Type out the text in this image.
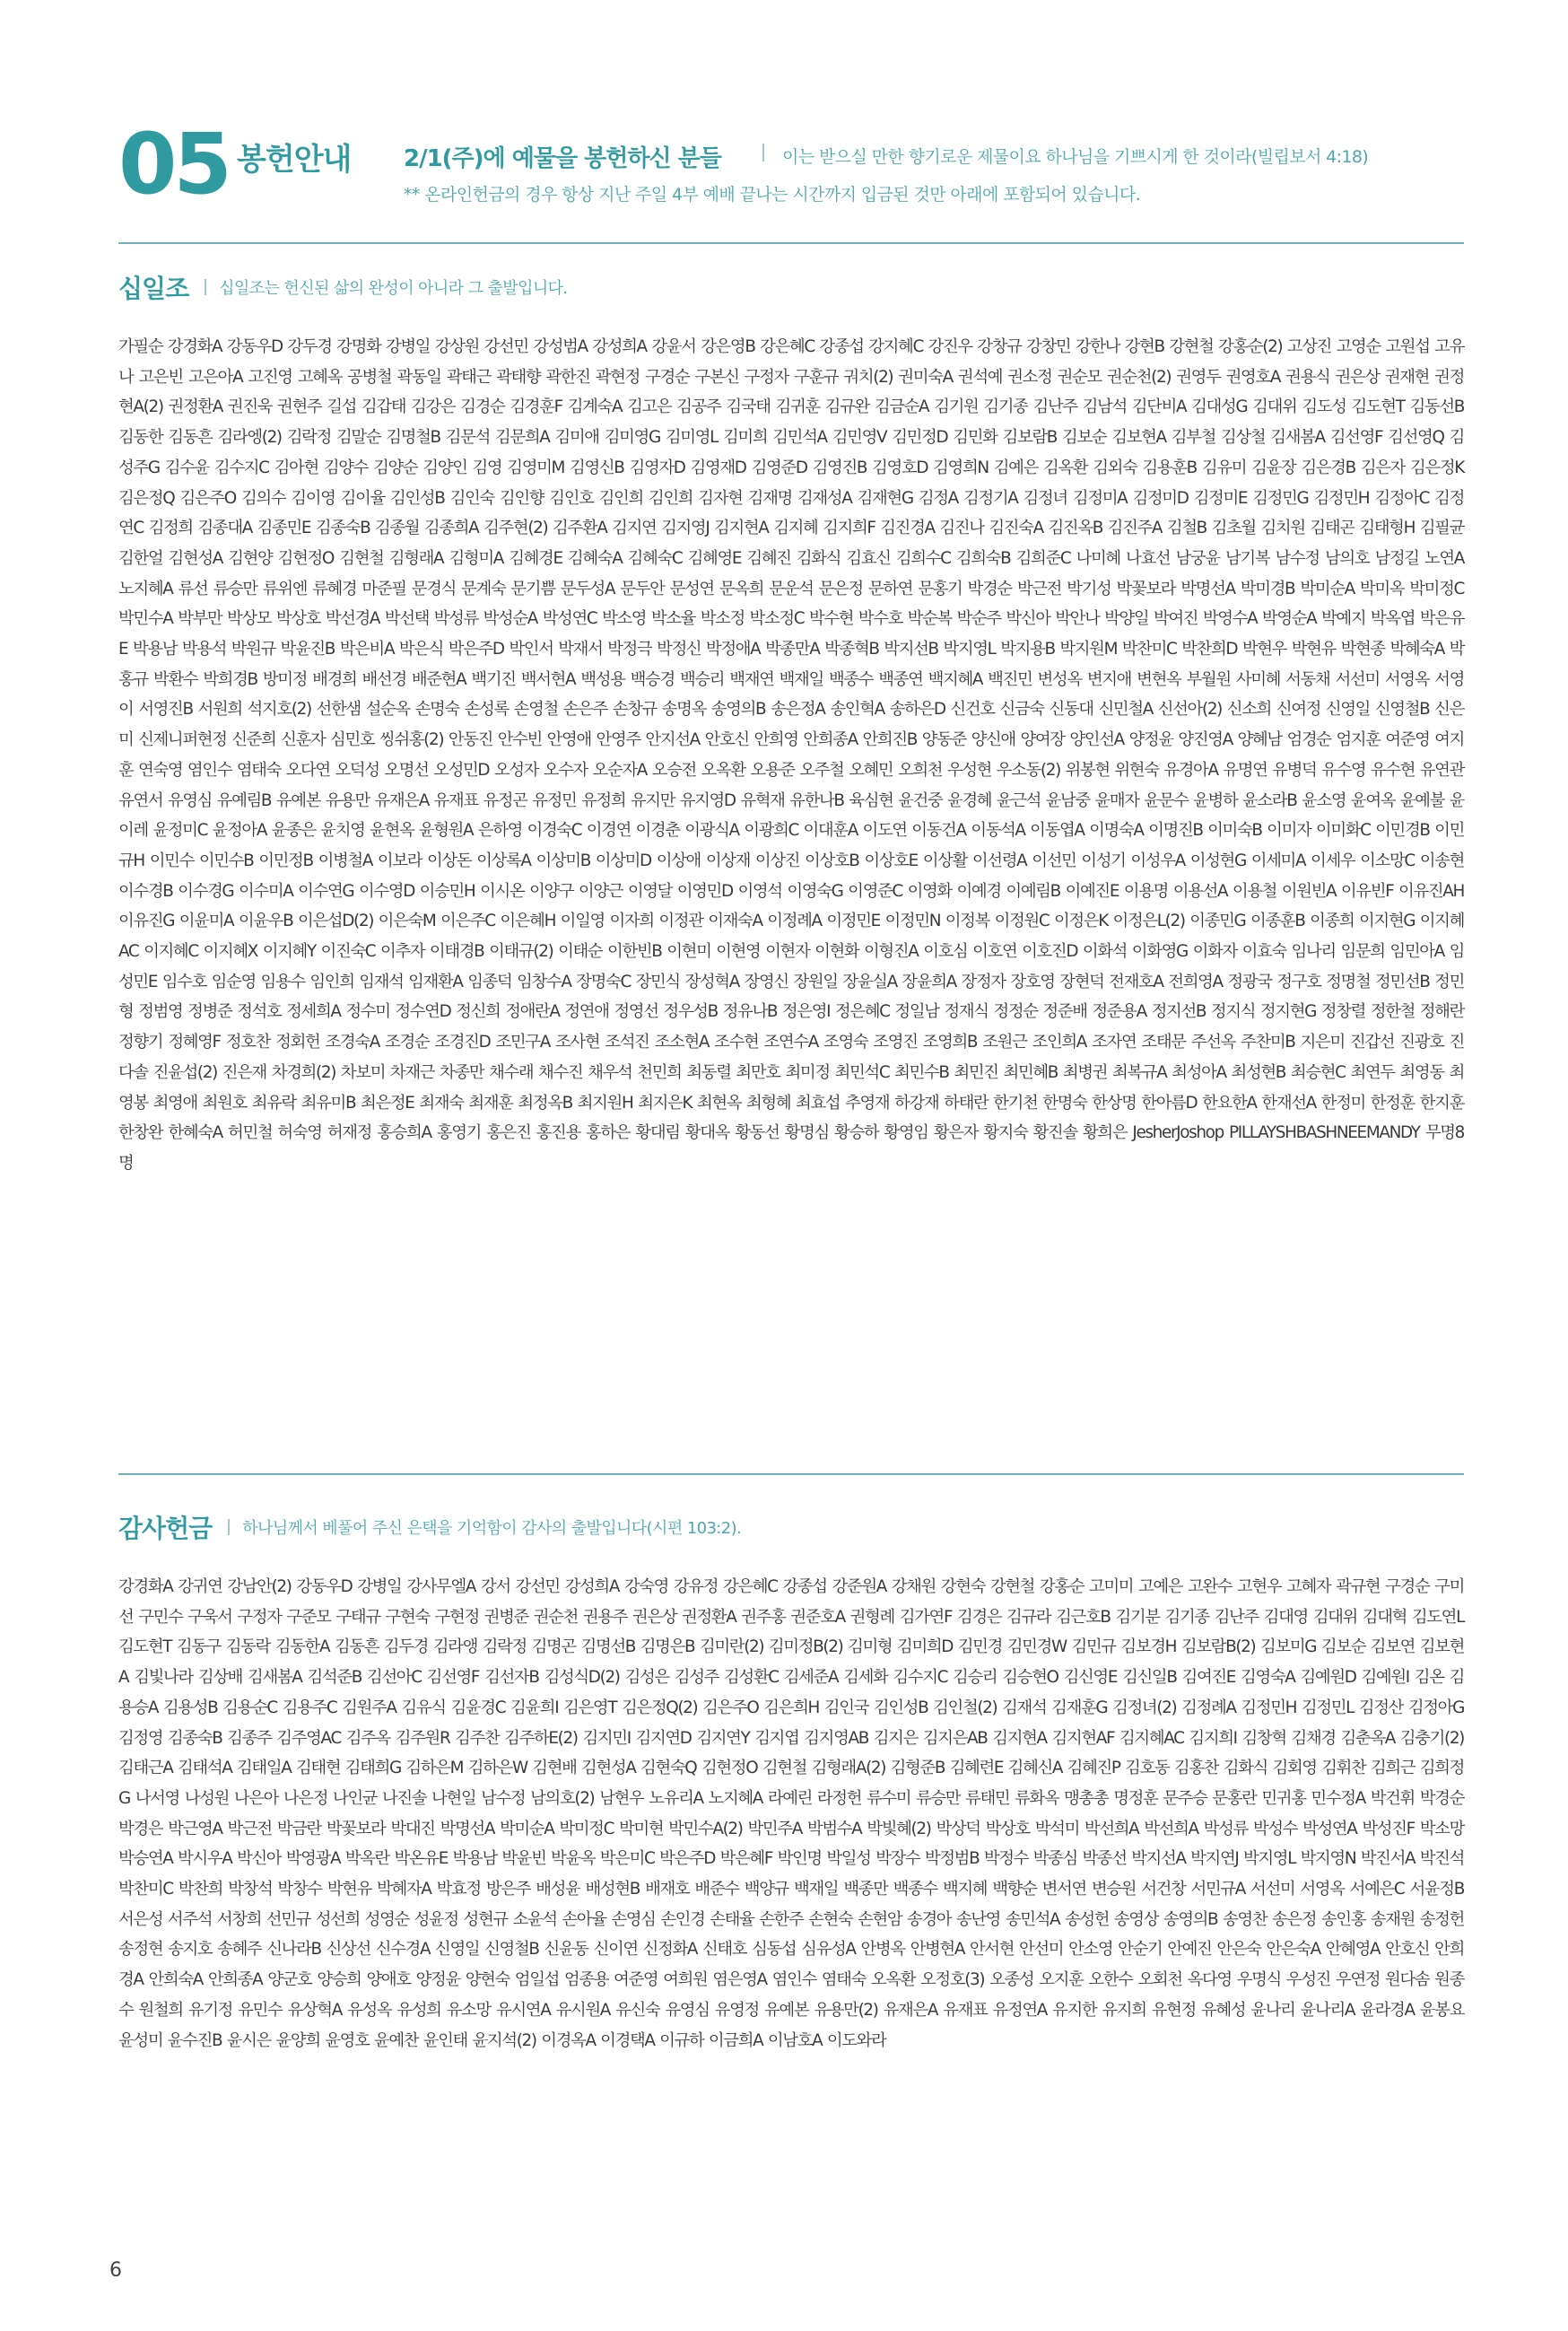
05 봉헌안내 2/1(주)에 예물을 봉헌하신 분들	이는 받으실 만한 향기로운 제물이요 하나님을 기쁘시게 한 것이라(빌립보서 4:18)
** 온라인헌금의 경우 항상 지난 주일 4부 예배 끝나는 시간까지 입금된 것만 아래에 포함되어 있습니다.
십일조 십일조는 헌신된 삶의 완성이 아니라 그 출발입니다.
가필순 강경화A 강동우D 강두경 강명화 강병일 강상원 강선민 강성범A 강성희A 강윤서 강은영B 강은혜C 강종섭 강지혜C 강진우 강창규 강창민 강한나 강현B 강현철 강홍순(2) 고상진 고영순 고원섭 고유나 고은빈 고은아A 고진영 고혜옥 공병철 곽동일 곽태근 곽태향 곽한진 곽현정 구경순 구본신 구정자 구훈규 궈치(2) 권미숙A 권석예 권소정 권순모 권순천(2) 권영두 권영호A 권용식 권은상 권재현 권정현A(2) 권정환A 권진욱 권현주 길섭 김갑태 김강은 김경순 김경훈F 김계숙A 김고은 김공주 김국태 김귀훈 김규완 김금순A 김기원 김기종 김난주 김남석 김단비A 김대성G 김대위 김도성 김도현T 김동선B 김동한 김동흔 김라엥(2) 김락정 김말순 김명철B 김문석 김문희A 김미애 김미영G 김미영L 김미희 김민석A 김민영V 김민정D 김민화 김보람B 김보순 김보현A 김부철 김상철 김새봄A 김선영F 김선영Q 김성주G 김수윤 김수지C 김아현 김양수 김양순 김양인 김영 김영미M 김영신B 김영자D 김영재D 김영준D 김영진B 김영호D 김영희N 김예은 김옥환 김외숙 김용훈B 김유미 김윤장 김은경B 김은자 김은정K 김은정Q 김은주O 김의수 김이영 김이율 김인성B 김인숙 김인향 김인호 김인희 김인희 김자현 김재명 김재성A 김재현G 김정A 김정기A 김정녀 김정미A 김정미D 김정미E 김정민G 김정민H 김정아C 김정연C 김정희 김종대A 김종민E 김종숙B 김종월 김종희A 김주현(2) 김주환A 김지연 김지영J 김지현A 김지혜 김지희F 김진경A 김진나 김진숙A 김진옥B 김진주A 김철B 김초월 김치원 김태곤 김태형H 김필균 김한얼 김현성A 김현양 김현정O 김현철 김형래A 김형미A 김혜경E 김혜숙A 김혜숙C 김혜영E 김혜진 김화식 김효신 김희수C 김희숙B 김희준C 나미혜 나효선 남궁윤 남기복 남수정 남의호 남정길 노연A 노지혜A 류선 류승만 류위엔 류혜경 마준필 문경식 문계숙 문기쁨 문두성A 문두안 문성연 문옥희 문운석 문은정 문하연 문홍기 박경순 박근전 박기성 박꽃보라 박명선A 박미경B 박미순A 박미옥 박미정C 박민수A 박부만 박상모 박상호 박선경A 박선택 박성류 박성순A 박성연C 박소영 박소율 박소정 박소정C 박수현 박수호 박순복 박순주 박신아 박안나 박양일 박여진 박영수A 박영순A 박예지 박옥엽 박은유E 박용남 박용석 박원규 박윤진B 박은비A 박은식 박은주D 박인서 박재서 박정극 박정신 박정애A 박종만A 박종혁B 박지선B 박지영L 박지용B 박지원M 박찬미C 박찬희D 박현우 박현유 박현종 박혜숙A 박홍규 박환수 박희경B 방미정 배경희 배선경 배준현A 백기진 백서현A 백성용 백승경 백승리 백재연 백재일 백종수 백종연 백지혜A 백진민 변성옥 변지애 변현옥 부월원 사미혜 서동채 서선미 서영옥 서영이 서영진B 서원희 석지호(2) 선한샘 설순옥 손명숙 손성록 손영철 손은주 손창규 송명옥 송영의B 송은정A 송인혁A 송하은D 신건호 신금숙 신동대 신민철A 신선아(2) 신소희 신여정 신영일 신영철B 신은미 신제니퍼현정 신준희 신훈자 심민호 씽쉬홍(2) 안동진 안수빈 안영애 안영주 안지선A 안호신 안희영 안희종A 안희진B 양동준 양신애 양여장 양인선A 양정윤 양진영A 양혜남 엄경순 엄지훈 여준영 여지훈 연숙영 염인수 염태숙 오다연 오덕성 오명선 오성민D 오성자 오수자 오순자A 오승전 오옥환 오용준 오주철 오혜민 오희천 우성현 우소동(2) 위봉현 위현숙 유경아A 유명연 유병덕 유수영 유수현 유연관 유연서 유영심 유예림B 유예본 유용만 유재은A 유재표 유정곤 유정민 유정희 유지만 유지영D 유혁재 유한나B 육심현 윤건중 윤경혜 윤근석 윤남중 윤매자 윤문수 윤병하 윤소라B 윤소영 윤여옥 윤예불 윤이레 윤정미C 윤정아A 윤종은 윤치영 윤현옥 윤형원A 은하영 이경숙C 이경연 이경춘 이광식A 이광희C 이대훈A 이도연 이동건A 이동석A 이동엽A 이명숙A 이명진B 이미숙B 이미자 이미화C 이민경B 이민규H 이민수 이민수B 이민정B 이병철A 이보라 이상돈 이상록A 이상미B 이상미D 이상애 이상재 이상진 이상호B 이상호E 이상활 이선령A 이선민 이성기 이성우A 이성현G 이세미A 이세우 이소망C 이송현 이수경B 이수경G 이수미A 이수연G 이수영D 이승민H 이시온 이양구 이양근 이영달 이영민D 이영석 이영숙G 이영준C 이영화 이예경 이예림B 이예진E 이용명 이용선A 이용철 이원빈A 이유빈F 이유진AH 이유진G 이윤미A 이윤우B 이은섭D(2) 이은숙M 이은주C 이은혜H 이일영 이자희 이정관 이재숙A 이정례A 이정민E 이정민N 이정복 이정원C 이정은K 이정은L(2) 이종민G 이종훈B 이종희 이지현G 이지혜AC 이지혜C 이지혜X 이지혜Y 이진숙C 이추자 이태경B 이태규(2) 이태순 이한빈B 이현미 이현영 이현자 이현화 이형진A 이호심 이호연 이호진D 이화석 이화영G 이화자 이효숙 임나리 임문희 임민아A 임성민E 임수호 임순영 임용수 임인희 임재석 임재환A 임종덕 임창수A 장명숙C 장민식 장성혁A 장영신 장원일 장윤실A 장윤희A 장정자 장호영 장현덕 전재호A 전희영A 정광국 정구호 정명철 정민선B 정민형 정범영 정병준 정석호 정세희A 정수미 정수연D 정신희 정애란A 정연애 정영선 정우성B 정유나B 정은영I 정은혜C 정일남 정재식 정정순 정준배 정준용A 정지선B 정지식 정지현G 정창렬 정한철 정해란 정향기 정혜영F 정호찬 정회헌 조경숙A 조경순 조경진D 조민구A 조사현 조석진 조소현A 조수현 조연수A 조영숙 조영진 조영희B 조원근 조인희A 조자연 조태문 주선옥 주찬미B 지은미 진갑선 진광호 진다솔 진윤섭(2) 진은재 차경희(2) 차보미 차재근 차종만 채수래 채수진 채우석 천민희 최동렬 최만호 최미정 최민석C 최민수B 최민진 최민혜B 최병권 최복규A 최성아A 최성현B 최승현C 최연두 최영동 최영봉 최영애 최원호 최유락 최유미B 최은정E 최재숙 최재훈 최정옥B 최지원H 최지은K 최현옥 최형혜 최효섭 추영재 하강재 하태란 한기천 한명숙 한상명 한아름D 한요한A 한재선A 한정미 한정훈 한지훈 한창완 한혜숙A 허민철 허숙영 허재정 홍승희A 홍영기 홍은진 홍진용 홍하은 황대림 황대옥 황동선 황명심 황승하 황영임 황은자 황지숙 황진솔 황희은 JesherJoshop PILLAYSHBASHNEEMANDY 무명8명
감사헌금 하나님께서 베풀어 주신 은택을 기억함이 감사의 출발입니다(시편 103:2).
강경화A 강귀연 강남안(2) 강동우D 강병일 강사무엘A 강서 강선민 강성희A 강숙영 강유정 강은혜C 강종섭 강준원A 강채원 강현숙 강현철 강홍순 고미미 고예은 고완수 고현우 고혜자 곽규현 구경순 구미선 구민수 구욱서 구정자 구준모 구태규 구현숙 구현정 권병준 권순천 권용주 권은상 권정환A 권주홍 권준호A 권형례 김가연F 김경은 김규라 김근호B 김기분 김기종 김난주 김대영 김대위 김대혁 김도연L 김도현T 김동구 김동락 김동한A 김동흔 김두경 김라앵 김락정 김명곤 김명선B 김명은B 김미란(2) 김미정B(2) 김미형 김미희D 김민경 김민경W 김민규 김보경H 김보람B(2) 김보미G 김보순 김보연 김보현A 김빛나라 김상배 김새봄A 김석준B 김선아C 김선영F 김선자B 김성식D(2) 김성은 김성주 김성환C 김세준A 김세화 김수지C 김승리 김승현O 김신영E 김신일B 김여진E 김영숙A 김예원D 김예원I 김온 김용승A 김용성B 김용순C 김용주C 김원주A 김유식 김윤경C 김윤희I 김은영T 김은정Q(2) 김은주O 김은희H 김인국 김인성B 김인철(2) 김재석 김재훈G 김정녀(2) 김정례A 김정민H 김정민L 김정산 김정아G 김정영 김종숙B 김종주 김주영AC 김주옥 김주원R 김주찬 김주하E(2) 김지민I 김지연D 김지연Y 김지엽 김지영AB 김지은 김지은AB 김지현A 김지현AF 김지혜AC 김지희I 김창혁 김채경 김춘옥A 김충기(2) 김태근A 김태석A 김태일A 김태현 김태희G 김하은M 김하은W 김현배 김현성A 김현숙Q 김현정O 김현철 김형래A(2) 김형준B 김혜련E 김혜신A 김혜진P 김호동 김홍찬 김화식 김회영 김휘찬 김희근 김희정G 나서영 나성원 나은아 나은정 나인균 나진솔 나현일 남수정 남의호(2) 남현우 노유리A 노지혜A 라예린 라정헌 류수미 류승만 류태민 류화옥 맹총총 명정훈 문주승 문홍란 민귀홍 민수정A 박건휘 박경순 박경은 박근영A 박근전 박금란 박꽃보라 박대진 박명선A 박미순A 박미정C 박미현 박민수A(2) 박민주A 박범수A 박빛혜(2) 박상덕 박상호 박석미 박선희A 박선희A 박성류 박성수 박성연A 박성진F 박소망 박승연A 박시우A 박신아 박영광A 박옥란 박온유E 박용남 박윤빈 박윤옥 박은미C 박은주D 박은혜F 박인명 박일성 박장수 박정범B 박정수 박종심 박종선 박지선A 박지연J 박지영L 박지영N 박진서A 박진석 박찬미C 박찬희 박창석 박창수 박현유 박혜자A 박효정 방은주 배성윤 배성현B 배재호 배준수 백양규 백재일 백종만 백종수 백지혜 백향순 변서연 변승원 서건창 서민규A 서선미 서영옥 서예은C 서윤정B 서은성 서주석 서창희 선민규 성선희 성영순 성윤정 성현규 소윤석 손아율 손영심 손인경 손태율 손한주 손현숙 손현암 송경아 송난영 송민석A 송성헌 송영상 송영의B 송영찬 송은정 송인홍 송재원 송정헌 송정현 송지호 송혜주 신나라B 신상선 신수경A 신영일 신영철B 신윤동 신이연 신정화A 신태호 심동섭 심유성A 안병옥 안병현A 안서현 안선미 안소영 안순기 안예진 안은숙 안은숙A 안혜영A 안호신 안희경A 안희숙A 안희종A 양군호 양승희 양애호 양정윤 양현숙 엄일섭 엄종용 여준영 여희원 염은영A 염인수 염태숙 오옥환 오정호(3) 오종성 오지훈 오한수 오회천 옥다영 우명식 우성진 우연정 원다솜 원종수 원철희 유기정 유민수 유상혁A 유성옥 유성희 유소망 유시연A 유시원A 유신숙 유영심 유영정 유예본 유용만(2) 유재은A 유재표 유정연A 유지한 유지희 유현정 유혜성 윤나리 윤나리A 윤라경A 윤봉요 윤성미 윤수진B 윤시은 윤양희 윤영호 윤예찬 윤인태 윤지석(2) 이경옥A 이경택A 이규하 이금희A 이남호A 이도와라
6
